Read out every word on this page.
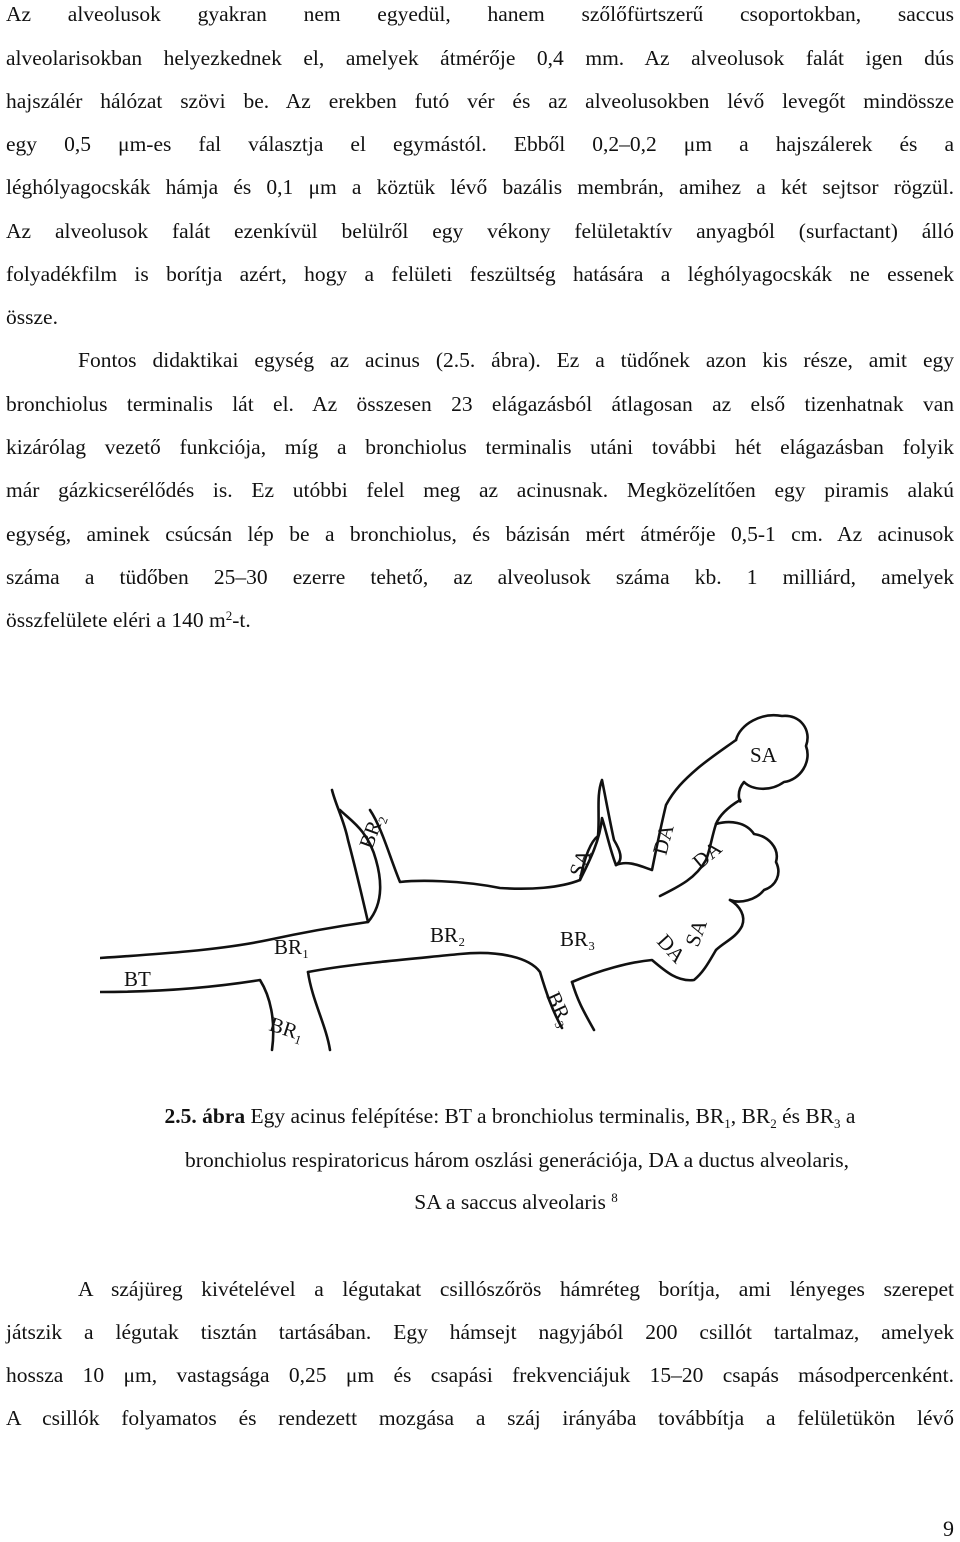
Az alveolusok gyakran nem egyedül, hanem szőlőfürtszerű csoportokban, saccus
alveolarisokban helyezkednek el, amelyek átmérője 0,4 mm. Az alveolusok falát igen dús
hajszálér hálózat szövi be. Az erekben futó vér és az alveolusokben lévő levegőt mindössze
egy 0,5 μm-es fal választja el egymástól. Ebből 0,2–0,2 μm a hajszálerek és a
léghólyagocskák hámja és 0,1 μm a köztük lévő bazális membrán, amihez a két sejtsor rögzül.
Az alveolusok falát ezenkívül belülről egy vékony felületaktív anyagból (surfactant) álló
folyadékfilm is borítja azért, hogy a felületi feszültség hatására a léghólyagocskák ne essenek
össze.
Fontos didaktikai egység az acinus (2.5. ábra). Ez a tüdőnek azon kis része, amit egy
bronchiolus terminalis lát el. Az összesen 23 elágazásból átlagosan az első tizenhatnak van
kizárólag vezető funkciója, míg a bronchiolus terminalis utáni további hét elágazásban folyik
már gázkicserélődés is. Ez utóbbi felel meg az acinusnak. Megközelítően egy piramis alakú
egység, aminek csúcsán lép be a bronchiolus, és bázisán mért átmérője 0,5-1 cm. Az acinusok
száma a tüdőben 25–30 ezerre tehető, az alveolusok száma kb. 1 milliárd, amelyek
összfelülete eléri a 140 $m^2-t$.
BT
BR₁
BR₁
BR₂
BR₂	BR₃
BR₃
SA
SA
SA
DA DA
DA
2.5. ábra Egy acinus felépítése: BT a bronchiolus terminalis, $BR_1$, $BR_2$ és $BR_3$ a
bronchiolus respiratoricus három oszlási generációja, DA a ductus alveolaris,
SA a saccus alveolaris $^8$
A szájüreg kivételével a légutakat csillószőrös hámréteg borítja, ami lényeges szerepet
játszik a légutak tisztán tartásában. Egy hámsejt nagyjából 200 csillót tartalmaz, amelyek
hossza 10 μm, vastagsága 0,25 μm és csapási frekvenciájuk 15–20 csapás másodpercenként.
A csillók folyamatos és rendezett mozgása a száj irányába továbbítja a felületükön lévő
9
